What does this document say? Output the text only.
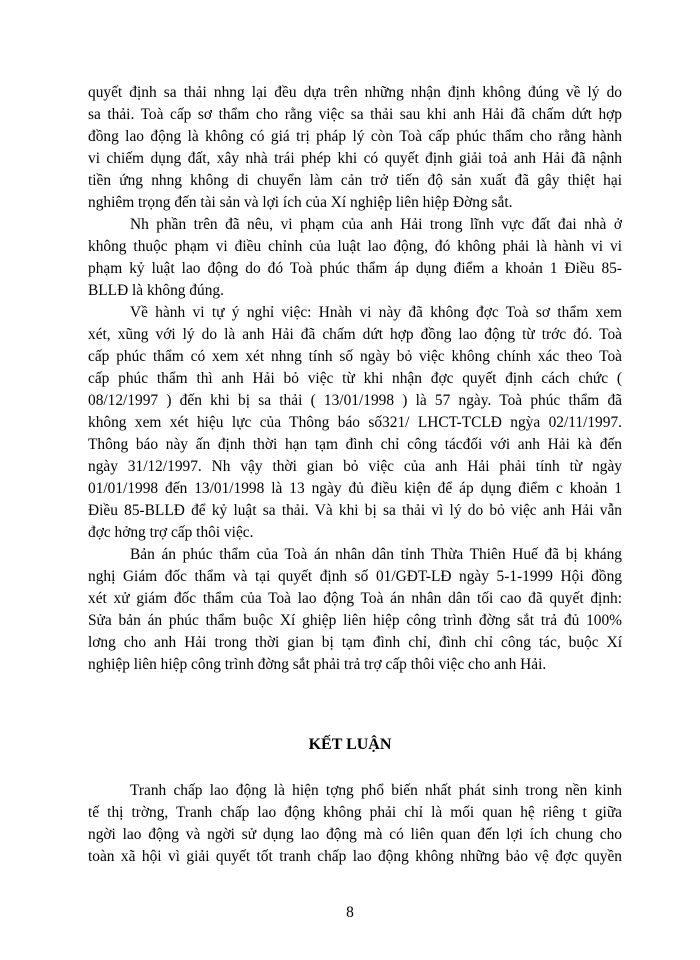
quyết định sa thải nhng lại đều dựa trên những nhận định không đúng về lý do
sa thải. Toà cấp sơ thẩm cho rằng việc sa thải sau khi anh Hải đã chấm dứt hợp
đồng lao động là không có giá trị pháp lý còn Toà cấp phúc thẩm cho rằng hành
vi chiếm dụng đất, xây nhà trái phép khi có quyết định giải toả anh Hải đã nậnh
tiền ứng nhng không di chuyển làm cản trở tiến độ sản xuất đã gây thiệt hại
nghiêm trọng đến tài sản và lợi ích của Xí nghiệp liên hiệp Đờng sắt.
Nh phần trên đã nêu, vi phạm của anh Hải trong lĩnh vực đất đai nhà ở
không thuộc phạm vi điều chỉnh của luật lao động, đó không phải là hành vi vi
phạm kỷ luật lao động do đó Toà phúc thẩm áp dụng điểm a khoản 1 Điều 85-
BLLĐ là không đúng.
Về hành vi tự ý nghỉ việc: Hnàh vi này đã không đợc Toà sơ thẩm xem
xét, xũng với lý do là anh Hải đã chấm dứt hợp đồng lao động từ trớc đó. Toà
cấp phúc thẩm có xem xét nhng tính số ngày bỏ việc không chính xác theo Toà
cấp phúc thẩm thì anh Hải bỏ việc từ khi nhận đợc quyết định cách chức (
08/12/1997 ) đến khi bị sa thải ( 13/01/1998 ) là 57 ngày. Toà phúc thẩm đã
không xem xét hiệu lực của Thông báo số321/ LHCT-TCLĐ ngỳa 02/11/1997.
Thông báo này ấn định thời hạn tạm đình chỉ công tácđối với anh Hải kà đến
ngày 31/12/1997. Nh vậy thời gian bỏ việc của anh Hải phải tính từ ngày
01/01/1998 đến 13/01/1998 là 13 ngày đủ điều kiện để áp dụng điểm c khoản 1
Điều 85-BLLĐ để kỷ luật sa thải. Và khi bị sa thải vì lý do bỏ việc anh Hải vẫn
đợc hởng trợ cấp thôi việc.
Bản án phúc thẩm của Toà án nhân dân tỉnh Thừa Thiên Huế đã bị kháng
nghị Giám đốc thẩm và tại quyết định số 01/GĐT-LĐ ngày 5-1-1999 Hội đồng
xét xử giám đốc thẩm của Toà lao động Toà án nhân dân tối cao đã quyết định:
Sửa bản án phúc thẩm buộc Xí ghiệp liên hiệp công trình đờng sắt trả đủ 100%
lơng cho anh Hải trong thời gian bị tạm đình chỉ, đình chỉ công tác, buộc Xí
nghiệp liên hiệp công trình đờng sắt phải trả trợ cấp thôi việc cho anh Hải.
KẾT LUẬN
Tranh chấp lao động là hiện tợng phổ biến nhất phát sinh trong nền kinh
tế thị trờng, Tranh chấp lao động không phải chỉ là mối quan hệ riêng t giữa
ngời lao động và ngời sử dụng lao động mà có liên quan đến lợi ích chung cho
toàn xã hội vì giải quyết tốt tranh chấp lao động không những bảo vệ đợc quyền
8
